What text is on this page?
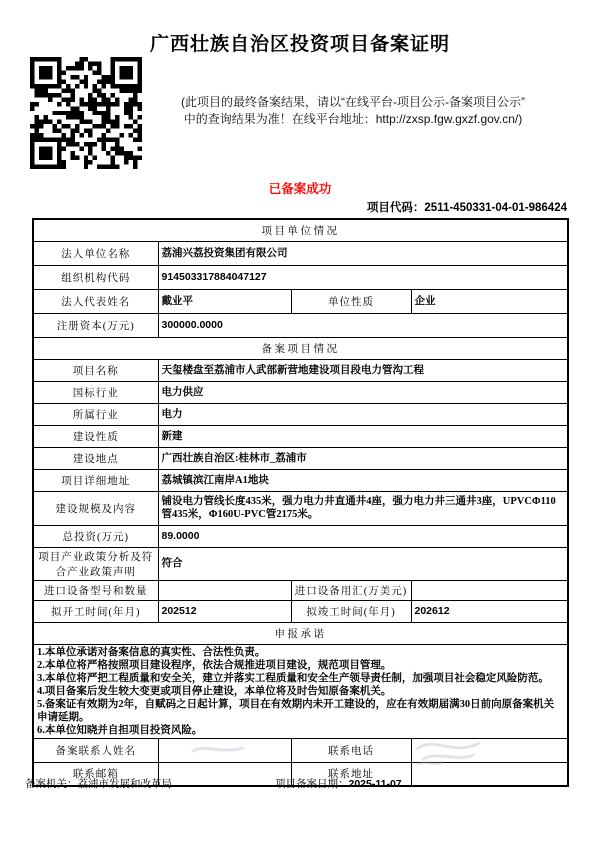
广西壮族自治区投资项目备案证明
(此项目的最终备案结果，请以“在线平台-项目公示-备案项目公示”
中的查询结果为准！在线平台地址：http://zxsp.fgw.gxzf.gov.cn/)
已备案成功
项目代码：2511-450331-04-01-986424
项目单位情况			
法人单位名称	荔浦兴荔投资集团有限公司		
组织机构代码	914503317884047127		
法人代表姓名	戴业平	单位性质	企业
注册资本(万元)	300000.0000		
备案项目情况			
项目名称	天玺楼盘至荔浦市人武部新营地建设项目段电力管沟工程		
国标行业	电力供应		
所属行业	电力		
建设性质	新建		
建设地点	广西壮族自治区:桂林市_荔浦市		
项目详细地址	荔城镇滨江南岸A1地块		
建设规模及内容	铺设电力管线长度435米，强力电力井直通井4座，强力电力井三通井3座，UPVCΦ110管435米，Φ160U-PVC管2175米。		
总投资(万元)	89.0000		
项目产业政策分析及符合产业政策声明	符合		
进口设备型号和数量		进口设备用汇(万美元)	
拟开工时间(年月)	202512	拟竣工时间(年月)	202612
申报承诺			

1.本单位承诺对备案信息的真实性、合法性负责。
2.本单位将严格按照项目建设程序，依法合规推进项目建设，规范项目管理。
3.本单位将严把工程质量和安全关，建立并落实工程质量和安全生产领导责任制，加强项目社会稳定风险防范。
4.项目备案后发生较大变更或项目停止建设，本单位将及时告知原备案机关。
5.备案证有效期为2年，自赋码之日起计算，项目在有效期内未开工建设的，应在有效期届满30日前向原备案机关申请延期。
6.本单位知晓并自担项目投资风险。

备案联系人姓名		联系电话	
联系邮箱		联系地址	
备案机关：荔浦市发展和改革局	项目备案日期：2025-11-07
